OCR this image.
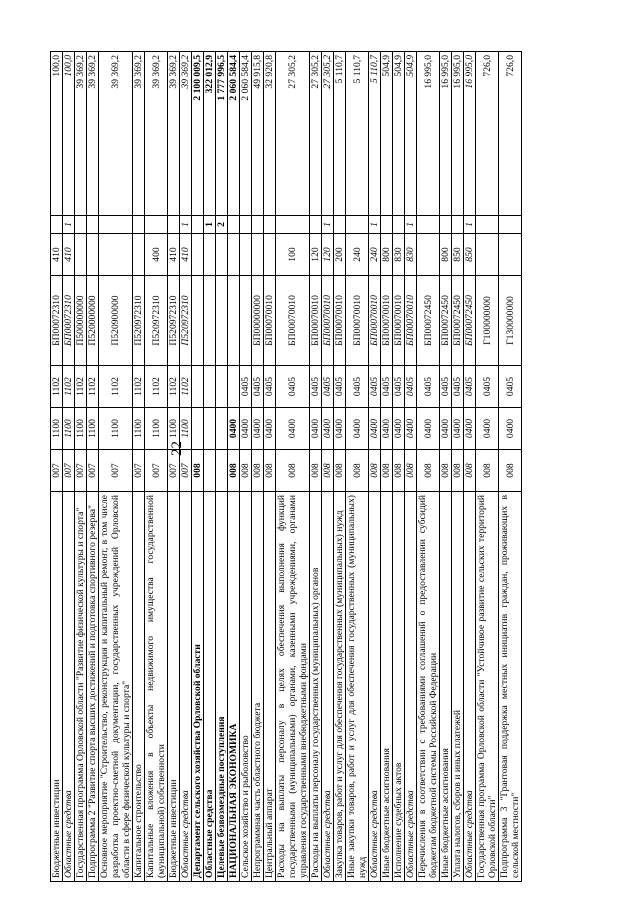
22
Бюджетные инвестиции	007	1100	1102	БП00072310	410		100,0
Областные средства	007	1100	1102	БП00072310	410	1	100,0
Государственная программа Орловской области "Развитие физической культуры и спорта"	007	1100	1102	П500000000			39 369,2
Подпрограмма 2 "Развитие спорта высших достижений и подготовка спортивного резерва"	007	1100	1102	П520000000			39 369,2
Основное мероприятие "Строительство, реконструкция и капитальный ремонт, в том числе разработка проектно-сметной документации, государственных учреждений Орловской области в сфере физической культуры и спорта"	007	1100	1102	П520900000			39 369,2
Капитальное строительство	007	1100	1102	П520972310			39 369,2
Капитальные вложения в объекты недвижимого имущества государственной (муниципальной) собственности	007	1100	1102	П520972310	400		39 369,2
Бюджетные инвестиции	007	1100	1102	П520972310	410		39 369,2
Областные средства	007	1100	1102	П520972310	410	1	39 369,2
Департамент сельского хозяйства Орловской области	008						2 100 009,5
Областные средства						1	322 012,9
Целевые безвозмездные поступления						2	1 777 996,5
НАЦИОНАЛЬНАЯ ЭКОНОМИКА	008	0400					2 060 584,4
Сельское хозяйство и рыболовство	008	0400	0405				2 060 584,4
Непрограммная часть областного бюджета	008	0400	0405	БП00000000			49 915,8
Центральный аппарат	008	0400	0405	БП00070010			32 920,8
Расходы на выплаты персоналу в целях обеспечения выполнения функций государственными (муниципальными) органами, казенными учреждениями, органами управления государственными внебюджетными фондами	008	0400	0405	БП00070010	100		27 305,2
Расходы на выплаты персоналу государственных (муниципальных) органов	008	0400	0405	БП00070010	120		27 305,2
Областные средства	008	0400	0405	БП00070010	120	1	27 305,2
Закупка товаров, работ и услуг для обеспечения государственных (муниципальных) нужд	008	0400	0405	БП00070010	200		5 110,7
Иные закупки товаров, работ и услуг для обеспечения государственных (муниципальных) нужд	008	0400	0405	БП00070010	240		5 110,7
Областные средства	008	0400	0405	БП00070010	240	1	5 110,7
Иные бюджетные ассигнования	008	0400	0405	БП00070010	800		504,9
Исполнение судебных актов	008	0400	0405	БП00070010	830		504,9
Областные средства	008	0400	0405	БП00070010	830	1	504,9
Перечисления в соответствии с требованиями соглашений о предоставлении субсидий бюджетам бюджетной системы Российской Федерации	008	0400	0405	БП00072450			16 995,0
Иные бюджетные ассигнования	008	0400	0405	БП00072450	800		16 995,0
Уплата налогов, сборов и иных платежей	008	0400	0405	БП00072450	850		16 995,0
Областные средства	008	0400	0405	БП00072450	850	1	16 995,0
Государственная программа Орловской области "Устойчивое развитие сельских территорий Орловской области"	008	0400	0405	Г100000000			726,0
Подпрограмма 3 "Грантовая поддержка местных инициатив граждан, проживающих в сельской местности"	008	0400	0405	Г130000000			726,0
